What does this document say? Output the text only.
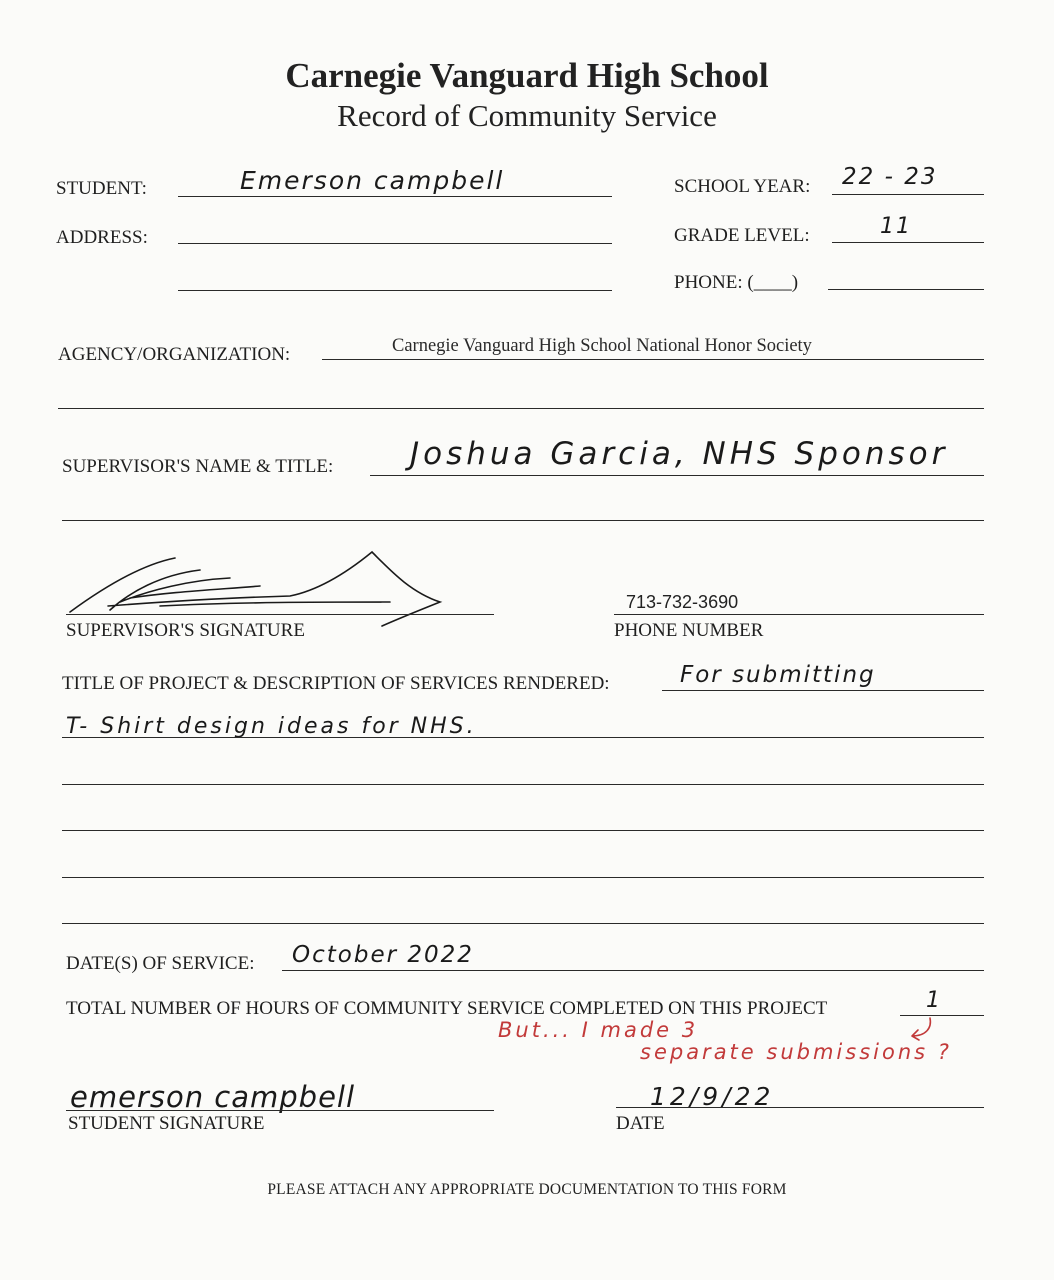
Carnegie Vanguard High School
Record of Community Service
STUDENT:	Emerson campbell	SCHOOL YEAR: 22 - 23
ADDRESS:	GRADE LEVEL:	11
PHONE: (____)
AGENCY/ORGANIZATION:	Carnegie Vanguard High School National Honor Society
SUPERVISOR'S NAME & TITLE: Joshua Garcia, NHS Sponsor
SUPERVISOR'S SIGNATURE
713-732-3690
PHONE NUMBER
TITLE OF PROJECT & DESCRIPTION OF SERVICES RENDERED:	For submitting
T- Shirt design ideas for NHS.
DATE(S) OF SERVICE: October 2022
TOTAL NUMBER OF HOURS OF COMMUNITY SERVICE COMPLETED ON THIS PROJECT	1
But... I made 3
separate submissions ?
emerson campbell
STUDENT SIGNATURE
12/9/22
DATE
PLEASE ATTACH ANY APPROPRIATE DOCUMENTATION TO THIS FORM
